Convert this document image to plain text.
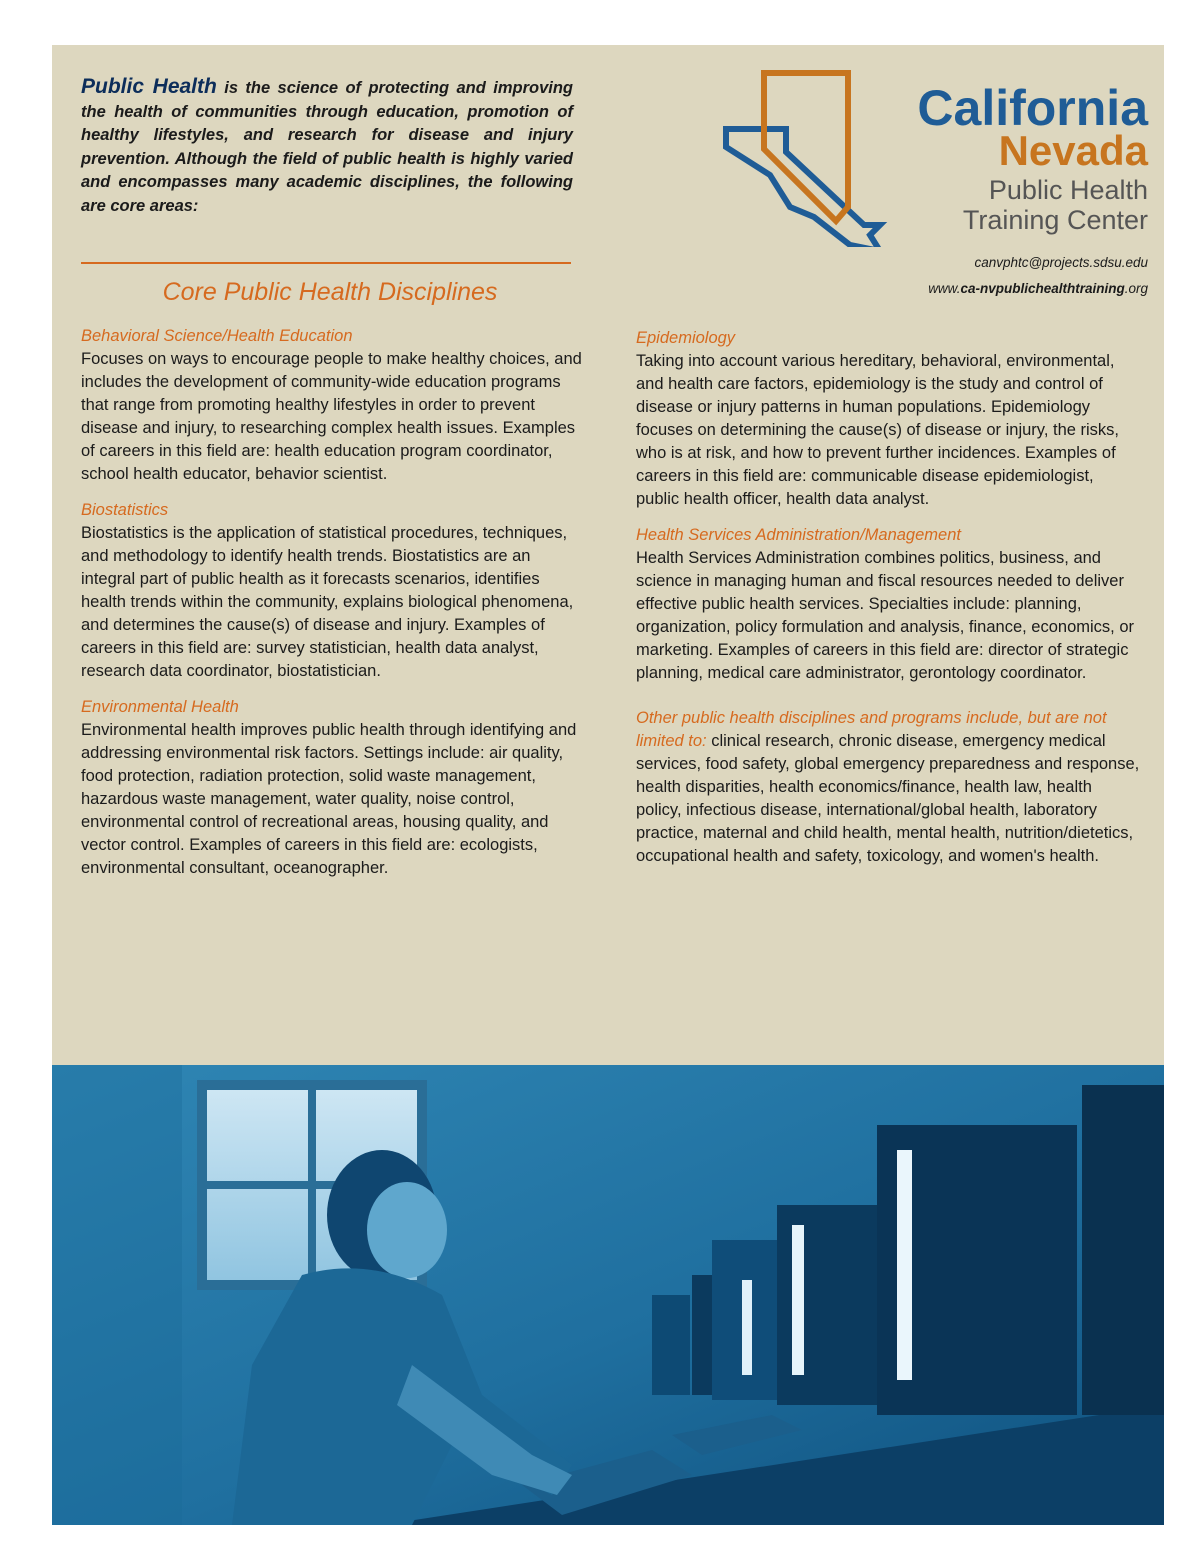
Public Health is the science of protecting and improving the health of communities through education, promotion of healthy lifestyles, and research for disease and injury prevention. Although the field of public health is highly varied and encompasses many academic disciplines, the following are core areas:
Core Public Health Disciplines
California
Nevada
Public Health
Training Center
canvphtc@projects.sdsu.edu
www.ca-nvpublichealthtraining.org
Behavioral Science/Health Education
Focuses on ways to encourage people to make healthy choices, and includes the development of community-wide education programs that range from promoting healthy lifestyles in order to prevent disease and injury, to researching complex health issues. Examples of careers in this field are: health education program coordinator, school health educator, behavior scientist.
Biostatistics
Biostatistics is the application of statistical procedures, techniques, and methodology to identify health trends. Biostatistics are an integral part of public health as it forecasts scenarios, identifies health trends within the community, explains biological phenomena, and determines the cause(s) of disease and injury. Examples of careers in this field are: survey statistician, health data analyst, research data coordinator, biostatistician.
Environmental Health
Environmental health improves public health through identifying and addressing environmental risk factors. Settings include: air quality, food protection, radiation protection, solid waste management, hazardous waste management, water quality, noise control, environmental control of recreational areas, housing quality, and vector control. Examples of careers in this field are: ecologists, environmental consultant, oceanographer.
Epidemiology
Taking into account various hereditary, behavioral, environmental, and health care factors, epidemiology is the study and control of disease or injury patterns in human populations. Epidemiology focuses on determining the cause(s) of disease or injury, the risks, who is at risk, and how to prevent further incidences. Examples of careers in this field are: communicable disease epidemiologist, public health officer, health data analyst.
Health Services Administration/Management
Health Services Administration combines politics, business, and science in managing human and fiscal resources needed to deliver effective public health services. Specialties include: planning, organization, policy formulation and analysis, finance, economics, or marketing. Examples of careers in this field are: director of strategic planning, medical care administrator, gerontology coordinator.
Other public health disciplines and programs include, but are not limited to: clinical research, chronic disease, emergency medical services, food safety, global emergency preparedness and response, health disparities, health economics/finance, health law, health policy, infectious disease, international/global health, laboratory practice, maternal and child health, mental health, nutrition/dietetics, occupational health and safety, toxicology, and women's health.
